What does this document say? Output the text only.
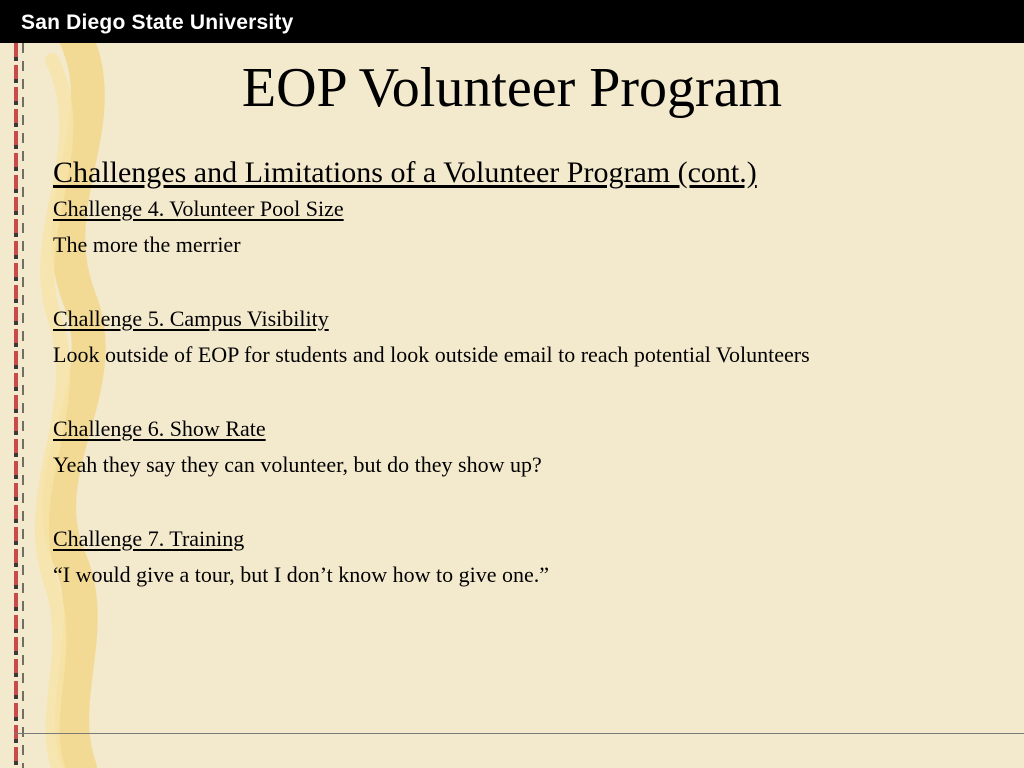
San Diego State University
EOP Volunteer Program
Challenges and Limitations of a Volunteer Program (cont.)
Challenge 4. Volunteer Pool Size
The more the merrier
Challenge 5. Campus Visibility
Look outside of EOP for students and look outside email to reach potential Volunteers
Challenge 6. Show Rate
Yeah they say they can volunteer, but do they show up?
Challenge 7. Training
“I would give a tour, but I don’t know how to give one.”
